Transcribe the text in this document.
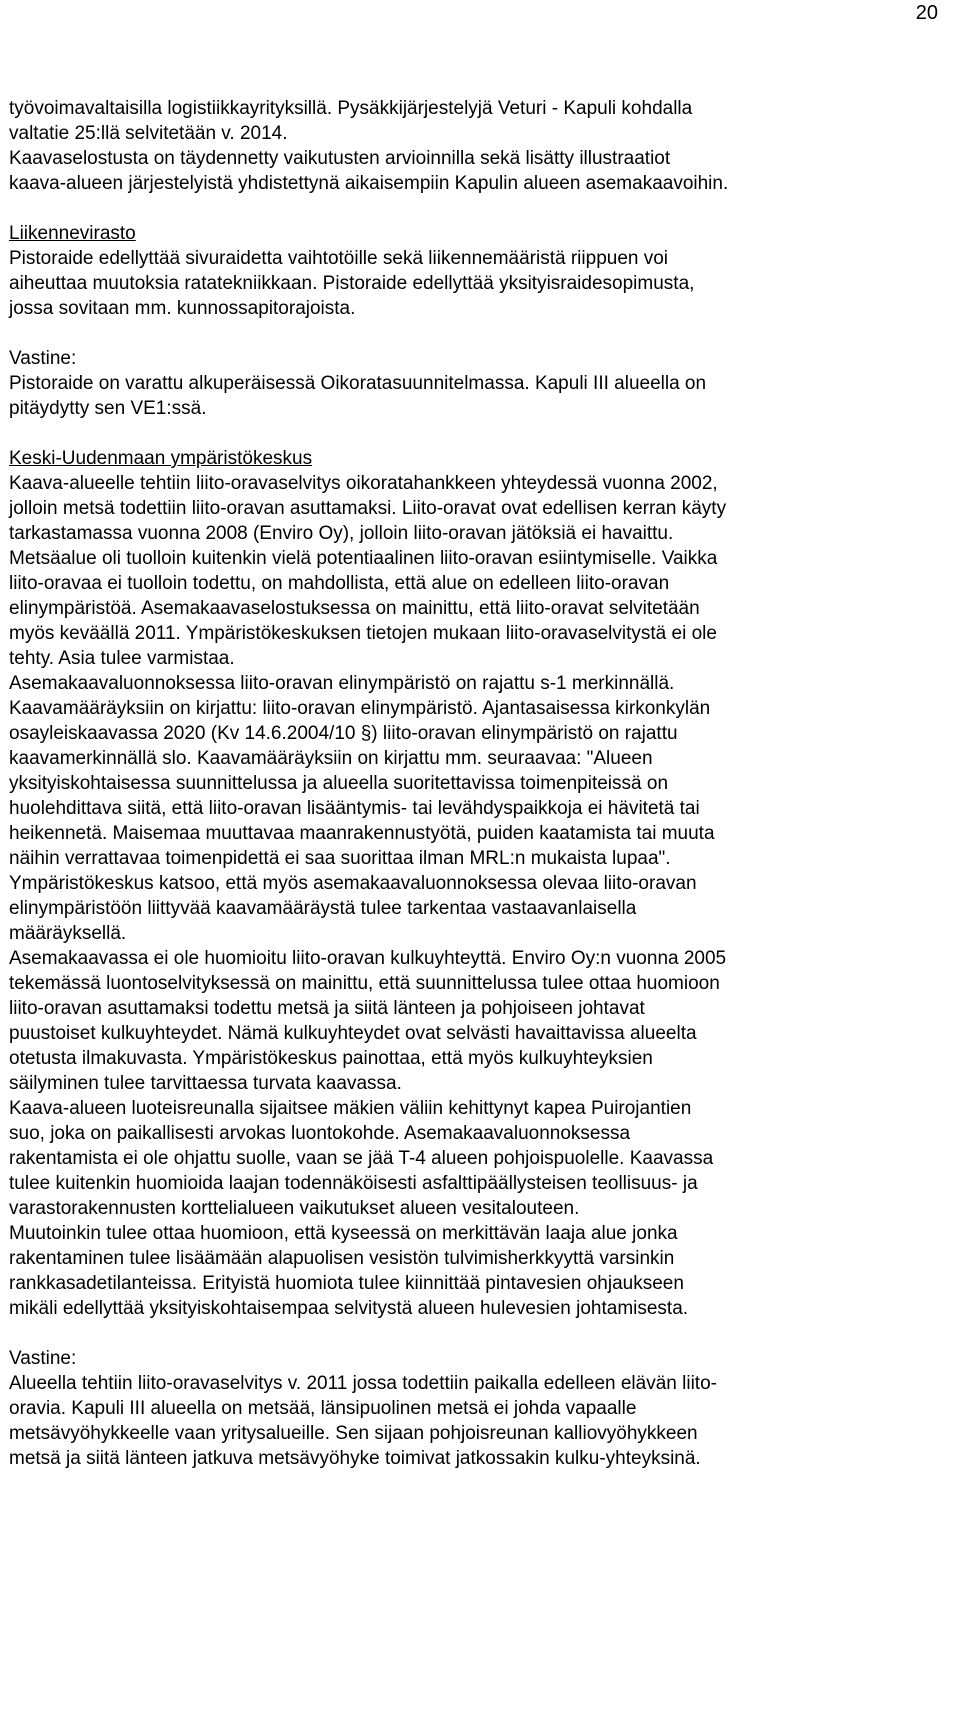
20
työvoimavaltaisilla logistiikkayrityksillä. Pysäkkijärjestelyjä Veturi - Kapuli kohdalla
valtatie 25:llä selvitetään v. 2014.
Kaavaselostusta on täydennetty vaikutusten arvioinnilla sekä lisätty illustraatiot
kaava-alueen järjestelyistä yhdistettynä aikaisempiin Kapulin alueen asemakaavoihin.
Liikennevirasto
Pistoraide edellyttää sivuraidetta vaihtotöille sekä liikennemääristä riippuen voi
aiheuttaa muutoksia ratatekniikkaan. Pistoraide edellyttää yksityisraidesopimusta,
jossa sovitaan mm. kunnossapitorajoista.
Vastine:
Pistoraide on varattu alkuperäisessä Oikoratasuunnitelmassa. Kapuli III alueella on
pitäydytty sen VE1:ssä.
Keski-Uudenmaan ympäristökeskus
Kaava-alueelle tehtiin liito-oravaselvitys oikoratahankkeen yhteydessä vuonna 2002,
jolloin metsä todettiin liito-oravan asuttamaksi. Liito-oravat ovat edellisen kerran käyty
tarkastamassa vuonna 2008 (Enviro Oy), jolloin liito-oravan jätöksiä ei havaittu.
Metsäalue oli tuolloin kuitenkin vielä potentiaalinen liito-oravan esiintymiselle. Vaikka
liito-oravaa ei tuolloin todettu, on mahdollista, että alue on edelleen liito-oravan
elinympäristöä. Asemakaavaselostuksessa on mainittu, että liito-oravat selvitetään
myös keväällä 2011. Ympäristökeskuksen tietojen mukaan liito-oravaselvitystä ei ole
tehty. Asia tulee varmistaa.
Asemakaavaluonnoksessa liito-oravan elinympäristö on rajattu s-1 merkinnällä.
Kaavamääräyksiin on kirjattu: liito-oravan elinympäristö. Ajantasaisessa kirkonkylän
osayleiskaavassa 2020 (Kv 14.6.2004/10 §) liito-oravan elinympäristö on rajattu
kaavamerkinnällä slo. Kaavamääräyksiin on kirjattu mm. seuraavaa: "Alueen
yksityiskohtaisessa suunnittelussa ja alueella suoritettavissa toimenpiteissä on
huolehdittava siitä, että liito-oravan lisääntymis- tai levähdyspaikkoja ei hävitetä tai
heikennetä. Maisemaa muuttavaa maanrakennustyötä, puiden kaatamista tai muuta
näihin verrattavaa toimenpidettä ei saa suorittaa ilman MRL:n mukaista lupaa".
Ympäristökeskus katsoo, että myös asemakaavaluonnoksessa olevaa liito-oravan
elinympäristöön liittyvää kaavamääräystä tulee tarkentaa vastaavanlaisella
määräyksellä.
Asemakaavassa ei ole huomioitu liito-oravan kulkuyhteyttä. Enviro Oy:n vuonna 2005
tekemässä luontoselvityksessä on mainittu, että suunnittelussa tulee ottaa huomioon
liito-oravan asuttamaksi todettu metsä ja siitä länteen ja pohjoiseen johtavat
puustoiset kulkuyhteydet. Nämä kulkuyhteydet ovat selvästi havaittavissa alueelta
otetusta ilmakuvasta. Ympäristökeskus painottaa, että myös kulkuyhteyksien
säilyminen tulee tarvittaessa turvata kaavassa.
Kaava-alueen luoteisreunalla sijaitsee mäkien väliin kehittynyt kapea Puirojantien
suo, joka on paikallisesti arvokas luontokohde. Asemakaavaluonnoksessa
rakentamista ei ole ohjattu suolle, vaan se jää T-4 alueen pohjoispuolelle. Kaavassa
tulee kuitenkin huomioida laajan todennäköisesti asfalttipäällysteisen teollisuus- ja
varastorakennusten korttelialueen vaikutukset alueen vesitalouteen.
Muutoinkin tulee ottaa huomioon, että kyseessä on merkittävän laaja alue jonka
rakentaminen tulee lisäämään alapuolisen vesistön tulvimisherkkyyttä varsinkin
rankkasadetilanteissa. Erityistä huomiota tulee kiinnittää pintavesien ohjaukseen
mikäli edellyttää yksityiskohtaisempaa selvitystä alueen hulevesien johtamisesta.
Vastine:
Alueella tehtiin liito-oravaselvitys v. 2011 jossa todettiin paikalla edelleen elävän liito-
oravia. Kapuli III alueella on metsää, länsipuolinen metsä ei johda vapaalle
metsävyöhykkeelle vaan yritysalueille. Sen sijaan pohjoisreunan kalliovyöhykkeen
metsä ja siitä länteen jatkuva metsävyöhyke toimivat jatkossakin kulku-yhteyksinä.
